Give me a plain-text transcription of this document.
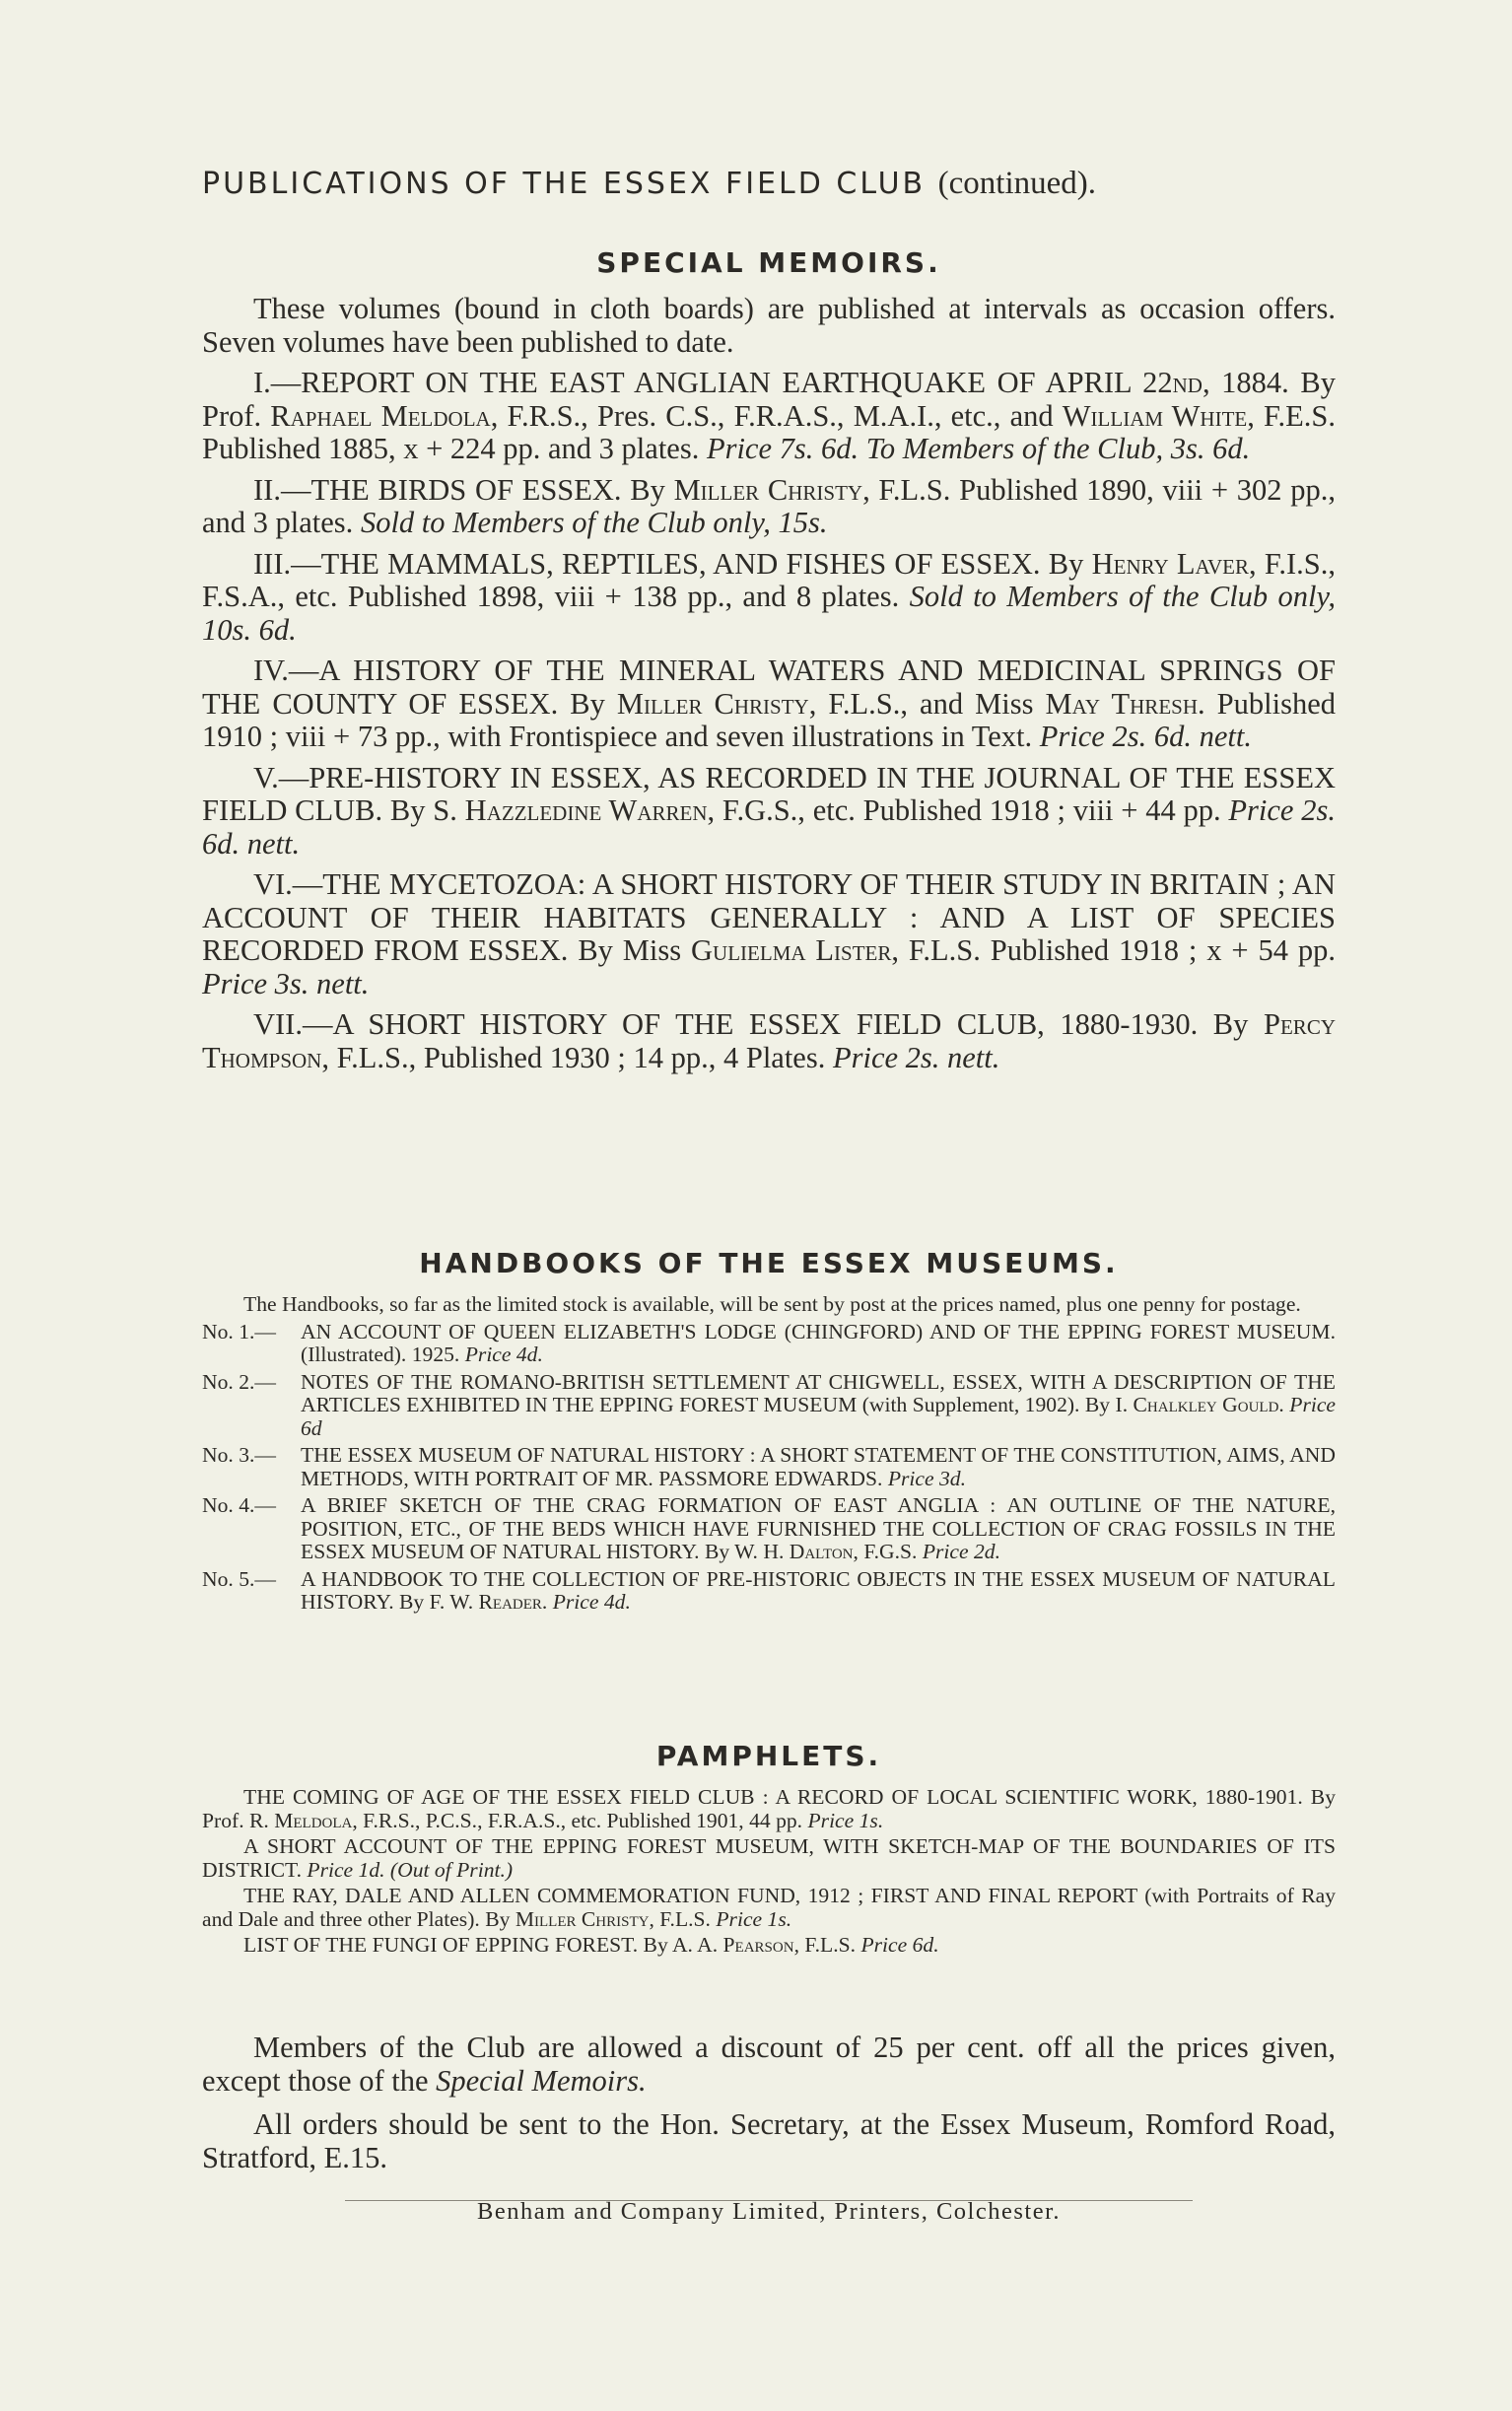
PUBLICATIONS OF THE ESSEX FIELD CLUB (continued).
SPECIAL MEMOIRS.

These volumes (bound in cloth boards) are published at intervals as occasion offers. Seven volumes have been published to date.

I.—REPORT ON THE EAST ANGLIAN EARTHQUAKE OF APRIL 22nd, 1884. By Prof. Raphael Meldola, F.R.S., Pres. C.S., F.R.A.S., M.A.I., etc., and William White, F.E.S. Published 1885, x + 224 pp. and 3 plates. Price 7s. 6d. To Members of the Club, 3s. 6d.

II.—THE BIRDS OF ESSEX. By Miller Christy, F.L.S. Published 1890, viii + 302 pp., and 3 plates. Sold to Members of the Club only, 15s.

III.—THE MAMMALS, REPTILES, AND FISHES OF ESSEX. By Henry Laver, F.I.S., F.S.A., etc. Published 1898, viii + 138 pp., and 8 plates. Sold to Members of the Club only, 10s. 6d.

IV.—A HISTORY OF THE MINERAL WATERS AND MEDICINAL SPRINGS OF THE COUNTY OF ESSEX. By Miller Christy, F.L.S., and Miss May Thresh. Published 1910 ; viii + 73 pp., with Frontispiece and seven illustrations in Text. Price 2s. 6d. nett.

V.—PRE-HISTORY IN ESSEX, AS RECORDED IN THE JOURNAL OF THE ESSEX FIELD CLUB. By S. Hazzledine Warren, F.G.S., etc. Published 1918 ; viii + 44 pp. Price 2s. 6d. nett.

VI.—THE MYCETOZOA: A SHORT HISTORY OF THEIR STUDY IN BRITAIN ; AN ACCOUNT OF THEIR HABITATS GENERALLY : AND A LIST OF SPECIES RECORDED FROM ESSEX. By Miss Gulielma Lister, F.L.S. Published 1918 ; x + 54 pp. Price 3s. nett.

VII.—A SHORT HISTORY OF THE ESSEX FIELD CLUB, 1880-1930. By Percy Thompson, F.L.S., Published 1930 ; 14 pp., 4 Plates. Price 2s. nett.

HANDBOOKS OF THE ESSEX MUSEUMS.

The Handbooks, so far as the limited stock is available, will be sent by post at the prices named, plus one penny for postage.

No. 1.—	AN ACCOUNT OF QUEEN ELIZABETH'S LODGE (CHINGFORD) AND OF THE EPPING FOREST MUSEUM. (Illustrated). 1925. Price 4d.

No. 2.—	NOTES OF THE ROMANO-BRITISH SETTLEMENT AT CHIGWELL, ESSEX, WITH A DESCRIPTION OF THE ARTICLES EXHIBITED IN THE EPPING FOREST MUSEUM (with Supplement, 1902). By I. Chalkley Gould. Price 6d

No. 3.—	THE ESSEX MUSEUM OF NATURAL HISTORY : A SHORT STATEMENT OF THE CONSTITUTION, AIMS, AND METHODS, WITH PORTRAIT OF MR. PASSMORE EDWARDS. Price 3d.

No. 4.—	A BRIEF SKETCH OF THE CRAG FORMATION OF EAST ANGLIA : AN OUTLINE OF THE NATURE, POSITION, ETC., OF THE BEDS WHICH HAVE FURNISHED THE COLLECTION OF CRAG FOSSILS IN THE ESSEX MUSEUM OF NATURAL HISTORY. By W. H. Dalton, F.G.S. Price 2d.

No. 5.—	A HANDBOOK TO THE COLLECTION OF PRE-HISTORIC OBJECTS IN THE ESSEX MUSEUM OF NATURAL HISTORY. By F. W. Reader. Price 4d.

PAMPHLETS.

THE COMING OF AGE OF THE ESSEX FIELD CLUB : A RECORD OF LOCAL SCIENTIFIC WORK, 1880-1901. By Prof. R. Meldola, F.R.S., P.C.S., F.R.A.S., etc. Published 1901, 44 pp. Price 1s.

A SHORT ACCOUNT OF THE EPPING FOREST MUSEUM, WITH SKETCH-MAP OF THE BOUNDARIES OF ITS DISTRICT. Price 1d. (Out of Print.)

THE RAY, DALE AND ALLEN COMMEMORATION FUND, 1912 ; FIRST AND FINAL REPORT (with Portraits of Ray and Dale and three other Plates). By Miller Christy, F.L.S. Price 1s.

LIST OF THE FUNGI OF EPPING FOREST. By A. A. Pearson, F.L.S. Price 6d.

Members of the Club are allowed a discount of 25 per cent. off all the prices given, except those of the Special Memoirs.

All orders should be sent to the Hon. Secretary, at the Essex Museum, Romford Road, Stratford, E.15.

Benham and Company Limited, Printers, Colchester.
